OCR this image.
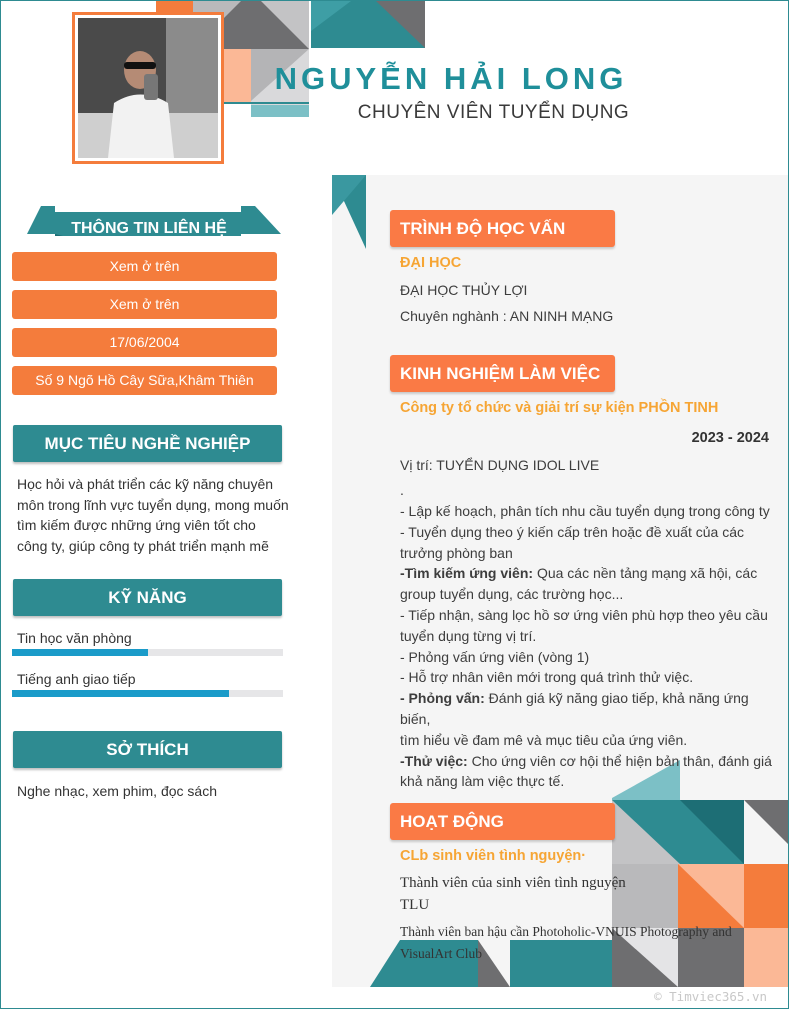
NGUYỄN HẢI LONG
CHUYÊN VIÊN TUYỂN DỤNG
THÔNG TIN LIÊN HỆ
Xem ở trên
Xem ở trên
17/06/2004
Số 9 Ngõ Hồ Cây Sữa,Khâm Thiên
MỤC TIÊU NGHỀ NGHIỆP
Học hỏi và phát triển các kỹ năng chuyên
môn trong lĩnh vực tuyển dụng, mong muốn
tìm kiếm được những ứng viên tốt cho
công ty, giúp công ty phát triển mạnh mẽ
KỸ NĂNG
Tin học văn phòng
Tiếng anh giao tiếp
SỞ THÍCH
Nghe nhạc, xem phim, đọc sách
TRÌNH ĐỘ HỌC VẤN
ĐẠI HỌC
ĐẠI HỌC THỦY LỢI
Chuyên nghành : AN NINH MẠNG
KINH NGHIỆM LÀM VIỆC
Công ty tổ chức và giải trí sự kiện PHỒN TINH
2023 - 2024
Vị trí: TUYỂN DỤNG IDOL LIVE
.
- Lập kế hoạch, phân tích nhu cầu tuyển dụng trong công ty
- Tuyển dụng theo ý kiến cấp trên hoặc đề xuất của các
trưởng phòng ban
-Tìm kiếm ứng viên: Qua các nền tảng mạng xã hội, các
group tuyển dụng, các trường học...
- Tiếp nhận, sàng lọc hồ sơ ứng viên phù hợp theo yêu cầu
tuyển dụng từng vị trí.
- Phỏng vấn ứng viên (vòng 1)
- Hỗ trợ nhân viên mới trong quá trình thử việc.
- Phỏng vấn: Đánh giá kỹ năng giao tiếp, khả năng ứng biến,
tìm hiểu về đam mê và mục tiêu của ứng viên.
-Thử việc: Cho ứng viên cơ hội thể hiện bản thân, đánh giá
khả năng làm việc thực tế.
HOẠT ĐỘNG
CLb sinh viên tình nguyện·
Thành viên của sinh viên tình nguyện
TLU
Thành viên ban hậu cần Photoholic-VNUIS Photography and
VisualArt Club
© Timviec365.vn
